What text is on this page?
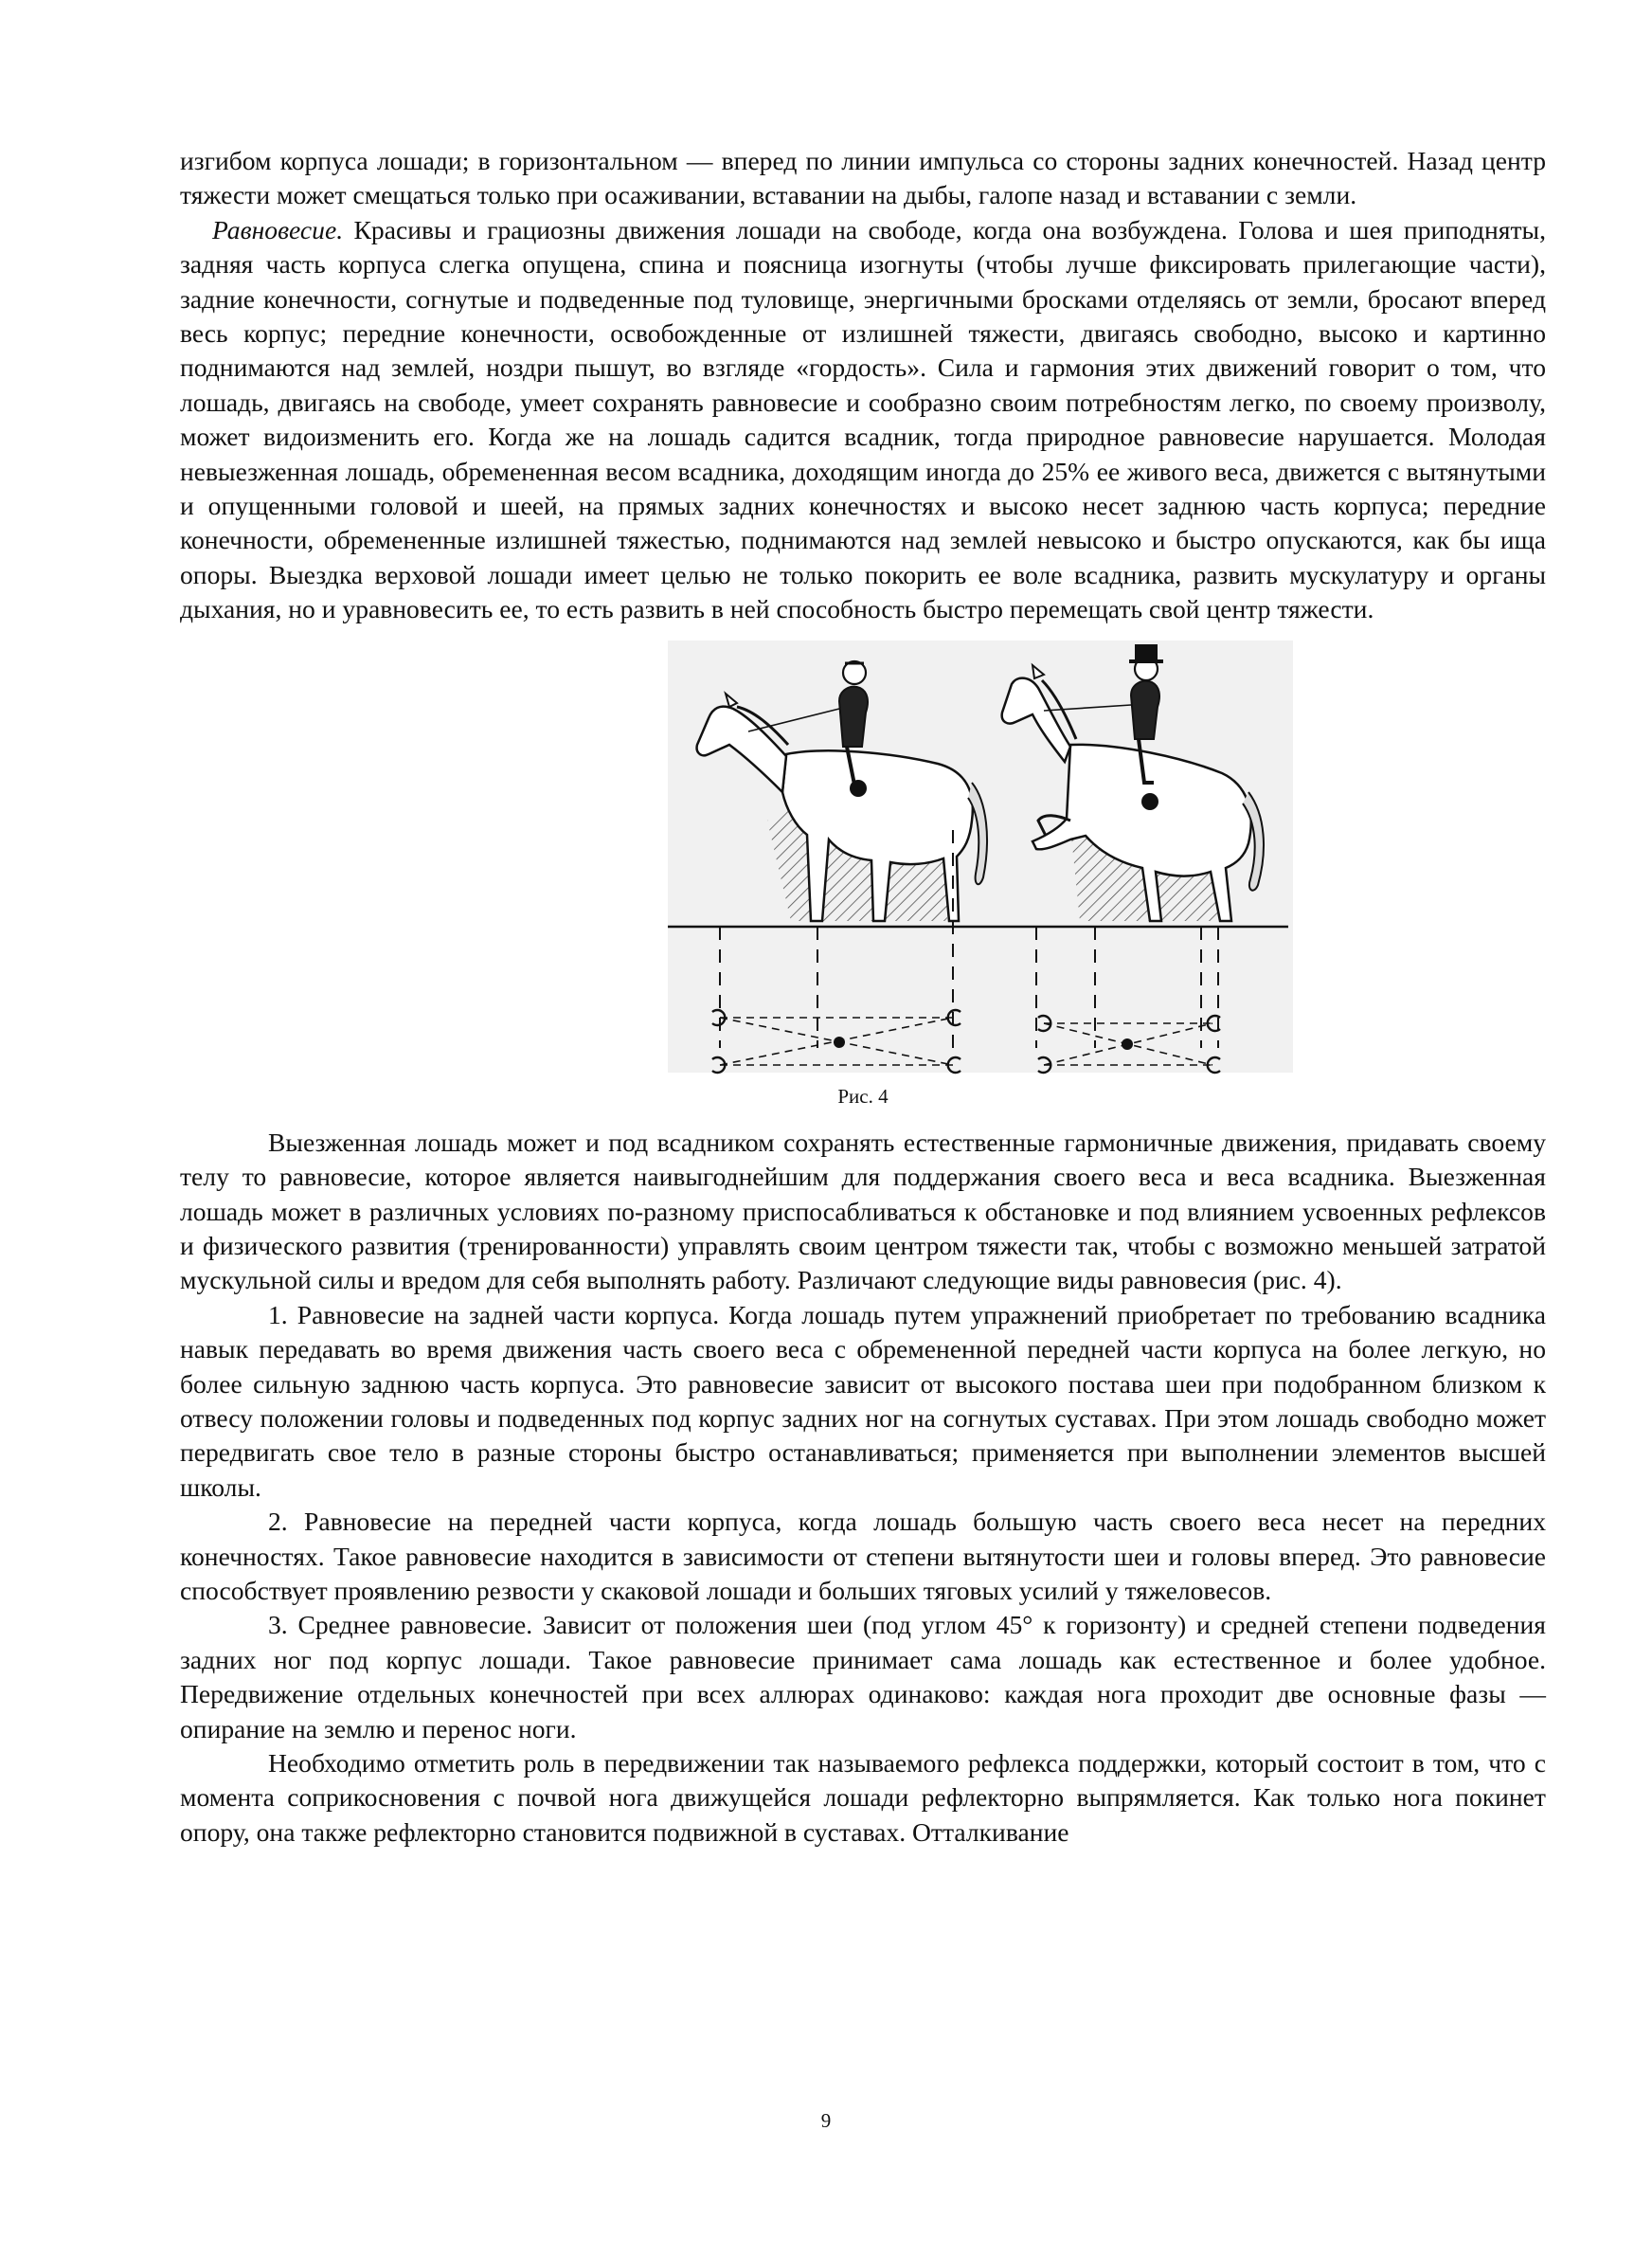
изгибом корпуса лошади; в горизонтальном — вперед по линии импульса со стороны задних конечностей. Назад центр тяжести может смещаться только при осаживании, вставании на дыбы, галопе назад и вставании с земли.

Равновесие. Красивы и грациозны движения лошади на свободе, когда она возбуждена. Голова и шея приподняты, задняя часть корпуса слегка опущена, спина и поясница изогнуты (чтобы лучше фиксировать прилегающие части), задние конечности, согнутые и подведенные под туловище, энергичными бросками отделяясь от земли, бросают вперед весь корпус; передние конечности, освобожденные от излишней тяжести, двигаясь свободно, высоко и картинно поднимаются над землей, ноздри пышут, во взгляде «гордость». Сила и гармония этих движений говорит о том, что лошадь, двигаясь на свободе, умеет сохранять равновесие и сообразно своим потребностям легко, по своему произволу, может видоизменить его. Когда же на лошадь садится всадник, тогда природное равновесие нарушается. Молодая невыезженная лошадь, обремененная весом всадника, доходящим иногда до 25% ее живого веса, движется с вытянутыми и опущенными головой и шеей, на прямых задних конечностях и высоко несет заднюю часть корпуса; передние конечности, обремененные излишней тяжестью, поднимаются над землей невысоко и быстро опускаются, как бы ища опоры. Выездка верховой лошади имеет целью не только покорить ее воле всадника, развить мускулатуру и органы дыхания, но и уравновесить ее, то есть развить в ней способность быстро перемещать свой центр тяжести.

Рис. 4

Выезженная лошадь может и под всадником сохранять естественные гармоничные движения, придавать своему телу то равновесие, которое является наивыгоднейшим для поддержания своего веса и веса всадника. Выезженная лошадь может в различных условиях по-разному приспосабливаться к обстановке и под влиянием усвоенных рефлексов и физического развития (тренированности) управлять своим центром тяжести так, чтобы с возможно меньшей затратой мускульной силы и вредом для себя выполнять работу. Различают следующие виды равновесия (рис. 4).

1. Равновесие на задней части корпуса. Когда лошадь путем упражнений приобретает по требованию всадника навык передавать во время движения часть своего веса с обремененной передней части корпуса на более легкую, но более сильную заднюю часть корпуса. Это равновесие зависит от высокого постава шеи при подобранном близком к отвесу положении головы и подведенных под корпус задних ног на согнутых суставах. При этом лошадь свободно может передвигать свое тело в разные стороны быстро останавливаться; применяется при выполнении элементов высшей школы.

2. Равновесие на передней части корпуса, когда лошадь большую часть своего веса несет на передних конечностях. Такое равновесие находится в зависимости от степени вытянутости шеи и головы вперед. Это равновесие способствует проявлению резвости у скаковой лошади и больших тяговых усилий у тяжеловесов.

3. Среднее равновесие. Зависит от положения шеи (под углом 45° к горизонту) и средней степени подведения задних ног под корпус лошади. Такое равновесие принимает сама лошадь как естественное и более удобное. Передвижение отдельных конечностей при всех аллюрах одинаково: каждая нога проходит две основные фазы — опирание на землю и перенос ноги.

Необходимо отметить роль в передвижении так называемого рефлекса поддержки, который состоит в том, что с момента соприкосновения с почвой нога движущейся лошади рефлекторно выпрямляется. Как только нога покинет опору, она также рефлекторно становится подвижной в суставах. Отталкивание

9
